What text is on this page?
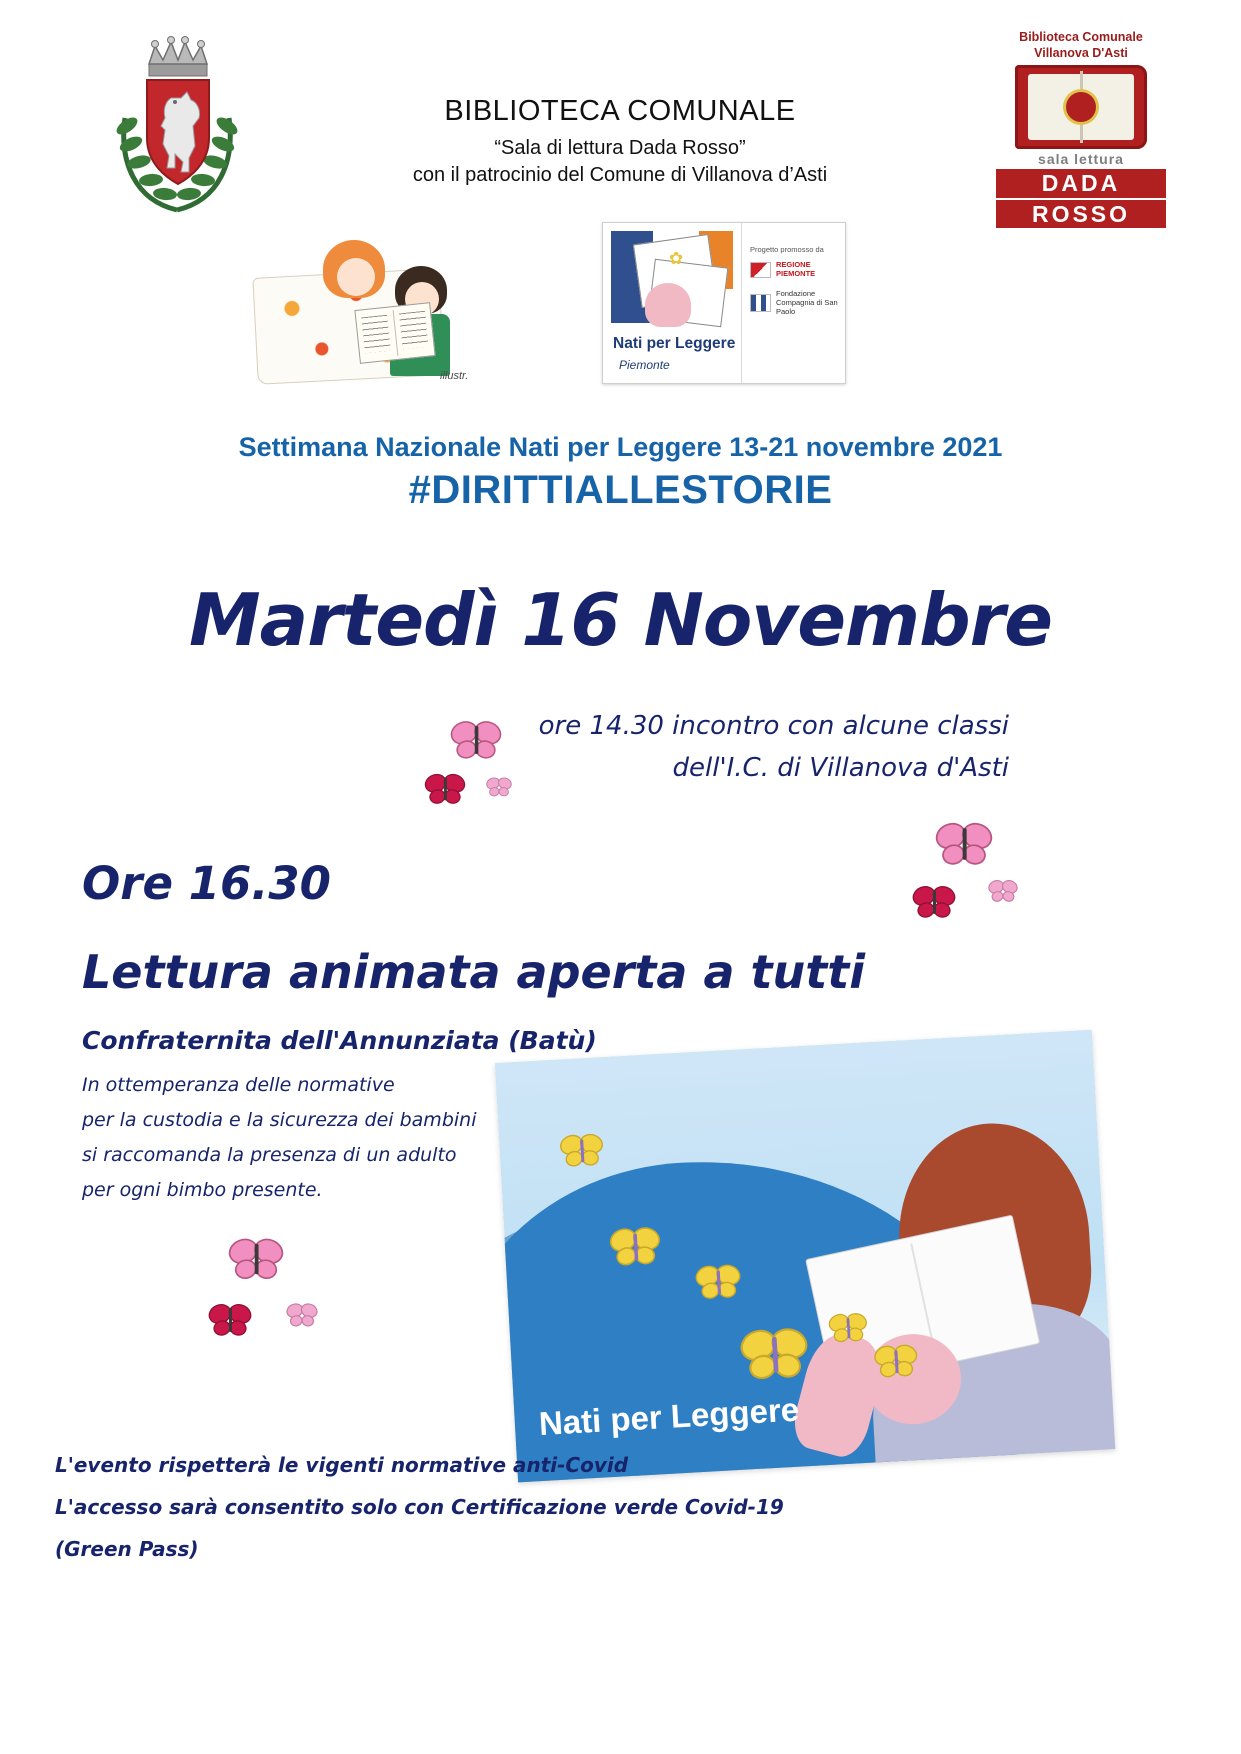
BIBLIOTECA COMUNALE
“Sala di lettura Dada Rosso”
con il patrocinio del Comune di Villanova d’Asti
Biblioteca Comunale
Villanova D'Asti
sala lettura
DADA
ROSSO
illustr.
✿
Nati per Leggere
Piemonte
Progetto promosso da
REGIONE PIEMONTE
Fondazione Compagnia di San Paolo
Settimana Nazionale Nati per Leggere 13-21 novembre 2021
#DIRITTIALLESTORIE
Martedì 16 Novembre
ore 14.30 incontro con alcune classi
dell'I.C. di Villanova d'Asti
Ore 16.30
Lettura animata aperta a tutti
Confraternita dell'Annunziata (Batù)
In ottemperanza delle normative
per la custodia e la sicurezza dei bambini
si raccomanda la presenza di un adulto
per ogni bimbo presente.
Nati per Leggere
L'evento rispetterà le vigenti normative anti-Covid
L'accesso sarà consentito solo con Certificazione verde Covid-19 (Green Pass)
